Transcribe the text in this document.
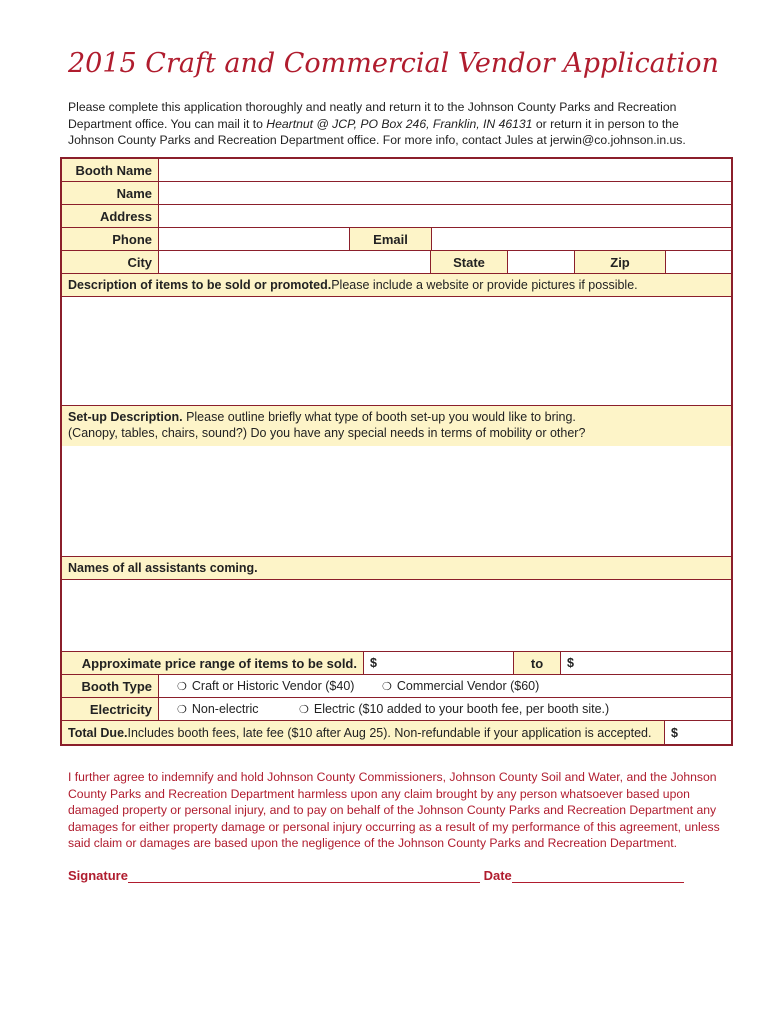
2015 Craft and Commercial Vendor Application
Please complete this application thoroughly and neatly and return it to the Johnson County Parks and Recreation Department office. You can mail it to Heartnut @ JCP, PO Box 246, Franklin, IN 46131 or return it in person to the Johnson County Parks and Recreation Department office. For more info, contact Jules at jerwin@co.johnson.in.us.
Booth Name
Name
Address
Phone	Email
City	State	Zip
Description of items to be sold or promoted. Please include a website or provide pictures if possible.
Set-up Description. Please outline briefly what type of booth set-up you would like to bring.
(Canopy, tables, chairs, sound?) Do you have any special needs in terms of mobility or other?
Names of all assistants coming.
Approximate price range of items to be sold.	$	to	$
Booth Type	❍ Craft or Historic Vendor ($40)	❍ Commercial Vendor ($60)
Electricity	❍ Non-electric	❍ Electric ($10 added to your booth fee, per booth site.)
Total Due. Includes booth fees, late fee ($10 after Aug 25). Non-refundable if your application is accepted.	$
I further agree to indemnify and hold Johnson County Commissioners, Johnson County Soil and Water, and the Johnson County Parks and Recreation Department harmless upon any claim brought by any person whatsoever based upon damaged property or personal injury, and to pay on behalf of the Johnson County Parks and Recreation Department any damages for either property damage or personal injury occurring as a result of my performance of this agreement, unless said claim or damages are based upon the negligence of the Johnson County Parks and Recreation Department.
Signature	Date
